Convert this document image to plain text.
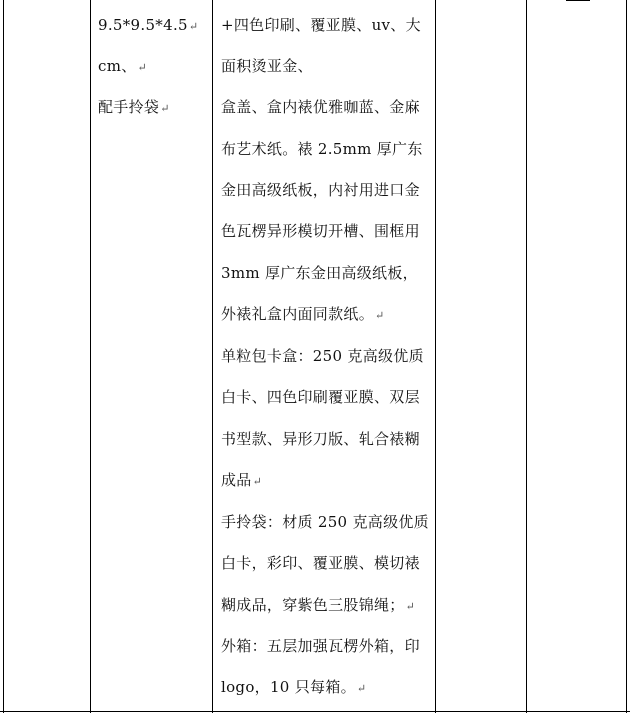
9.5*9.5*4.5↵
cm、↵
配手拎袋↵
+四色印刷、覆亚膜、uv、大
面积烫亚金、
盒盖、盒内裱优雅咖蓝、金麻
布艺术纸。裱 2.5mm 厚广东
金田高级纸板，内衬用进口金
色瓦楞异形模切开槽、围框用
3mm 厚广东金田高级纸板，
外裱礼盒内面同款纸。↵
单粒包卡盒：250 克高级优质
白卡、四色印刷覆亚膜、双层
书型款、异形刀版、轧合裱糊
成品↵
手拎袋：材质 250 克高级优质
白卡，彩印、覆亚膜、模切裱
糊成品，穿紫色三股锦绳；↵
外箱：五层加强瓦楞外箱，印
logo，10 只每箱。↵
